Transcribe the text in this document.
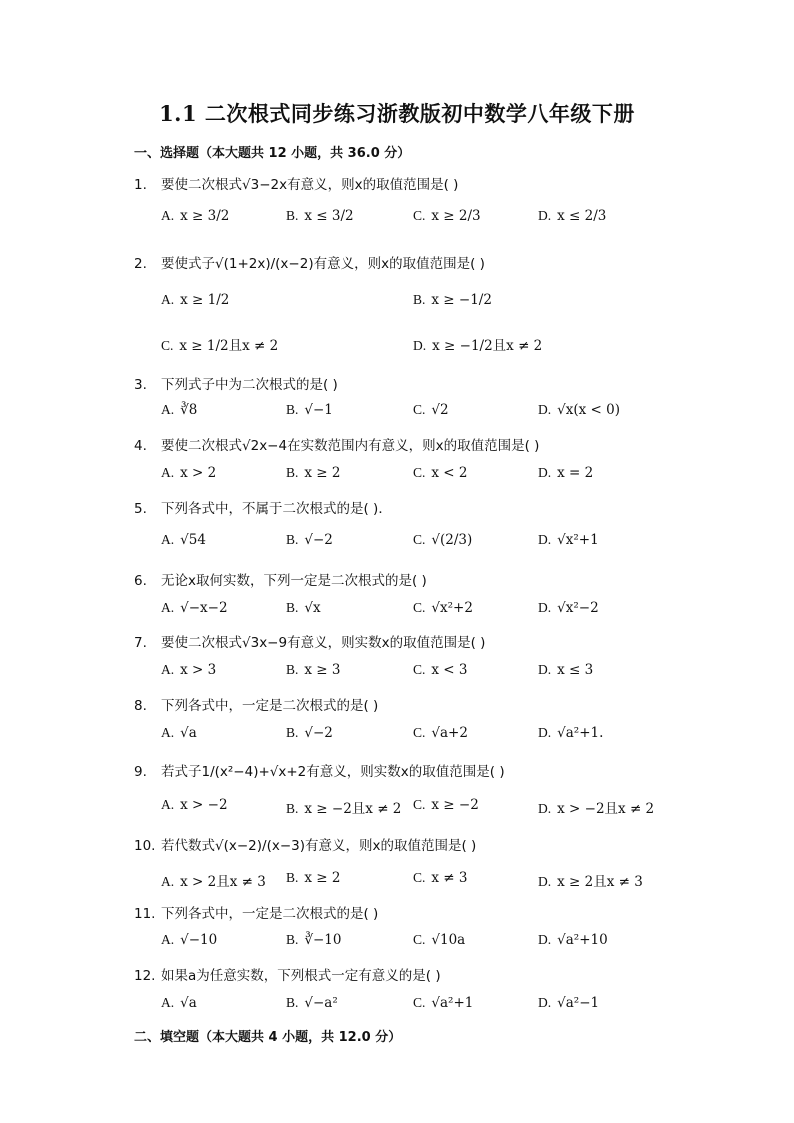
1.1 二次根式同步练习浙教版初中数学八年级下册
一、选择题（本大题共 12 小题，共 36.0 分）
1. 要使二次根式√3−2x有意义，则x的取值范围是( )
A. x ≥ 3/2	B. x ≤ 3/2	C. x ≥ 2/3	D. x ≤ 2/3
2. 要使式子√(1+2x)/(x−2)有意义，则x的取值范围是( )
A. x ≥ 1/2	B. x ≥ −1/2
C. x ≥ 1/2且x ≠ 2	D. x ≥ −1/2且x ≠ 2
3. 下列式子中为二次根式的是( )
A. ∛8	B. √−1	C. √2	D. √x(x < 0)
4. 要使二次根式√2x−4在实数范围内有意义，则x的取值范围是( )
A. x > 2	B. x ≥ 2	C. x < 2	D. x = 2
5. 下列各式中，不属于二次根式的是( )．
A. √54	B. √−2	C. √(2/3)	D. √x²+1
6. 无论x取何实数，下列一定是二次根式的是( )
A. √−x−2	B. √x	C. √x²+2	D. √x²−2
7. 要使二次根式√3x−9有意义，则实数x的取值范围是( )
A. x > 3	B. x ≥ 3	C. x < 3	D. x ≤ 3
8. 下列各式中，一定是二次根式的是( )
A. √a	B. √−2	C. √a+2	D. √a²+1.
9. 若式子1/(x²−4)+√x+2有意义，则实数x的取值范围是( )
A. x > −2	B. x ≥ −2且x ≠ 2 C. x ≥ −2	D. x > −2且x ≠ 2
10. 若代数式√(x−2)/(x−3)有意义，则x的取值范围是( )
A. x > 2且x ≠ 3 B. x ≥ 2	C. x ≠ 3	D. x ≥ 2且x ≠ 3
11. 下列各式中，一定是二次根式的是( )
A. √−10	B. ∛−10	C. √10a	D. √a²+10
12. 如果a为任意实数，下列根式一定有意义的是( )
A. √a	B. √−a²	C. √a²+1	D. √a²−1
二、填空题（本大题共 4 小题，共 12.0 分）
